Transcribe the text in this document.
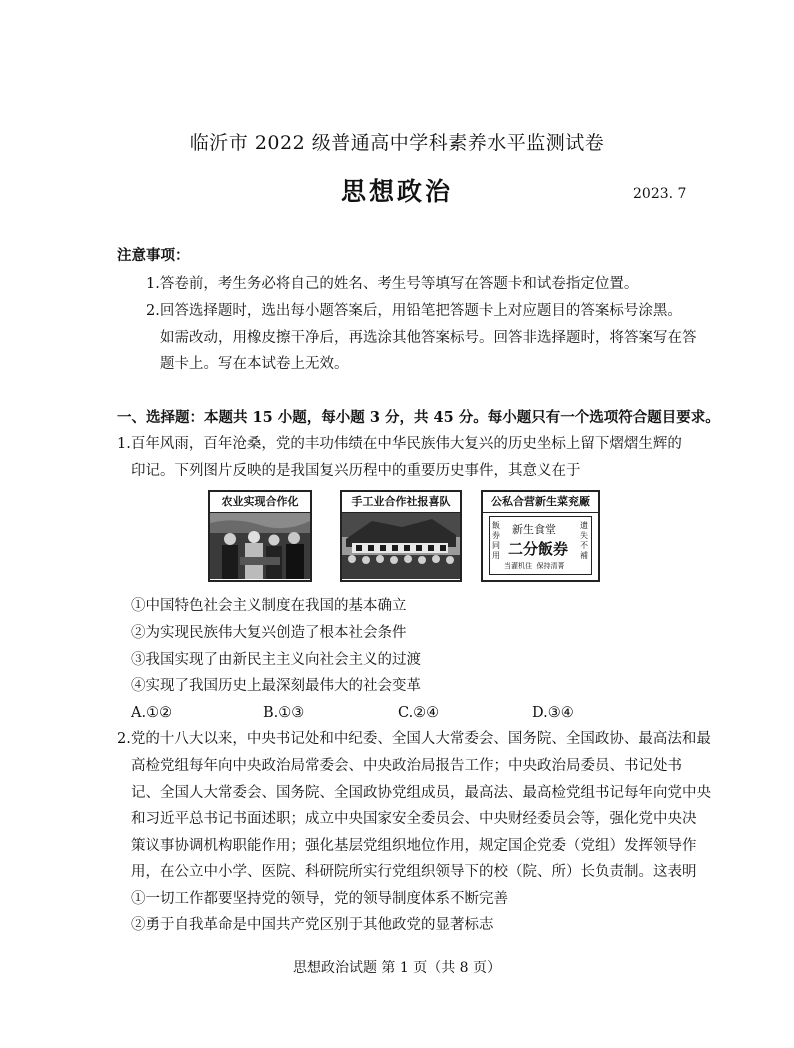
临沂市 2022 级普通高中学科素养水平监测试卷
思想政治	2023. 7
注意事项：
1.答卷前，考生务必将自己的姓名、考生号等填写在答题卡和试卷指定位置。
2.回答选择题时，选出每小题答案后，用铅笔把答题卡上对应题目的答案标号涂黑。
如需改动，用橡皮擦干净后，再选涂其他答案标号。回答非选择题时，将答案写在答
题卡上。写在本试卷上无效。
一、选择题：本题共 15 小题，每小题 3 分，共 45 分。每小题只有一个选项符合题目要求。
1.百年风雨，百年沧桑，党的丰功伟绩在中华民族伟大复兴的历史坐标上留下熠熠生辉的
印记。下列图片反映的是我国复兴历程中的重要历史事件，其意义在于
农业实现合作化	手工业合作社报喜队	公私合营新生菜兖厰
新生食堂
二分飯券
飯券同用
遗失不補
当灌机住  保持清菁
①中国特色社会主义制度在我国的基本确立
②为实现民族伟大复兴创造了根本社会条件
③我国实现了由新民主主义向社会主义的过渡
④实现了我国历史上最深刻最伟大的社会变革
A.①②	B.①③	C.②④	D.③④
2.党的十八大以来，中央书记处和中纪委、全国人大常委会、国务院、全国政协、最高法和最
高检党组每年向中央政治局常委会、中央政治局报告工作；中央政治局委员、书记处书
记、全国人大常委会、国务院、全国政协党组成员，最高法、最高检党组书记每年向党中央
和习近平总书记书面述职；成立中央国家安全委员会、中央财经委员会等，强化党中央决
策议事协调机构职能作用；强化基层党组织地位作用，规定国企党委（党组）发挥领导作
用，在公立中小学、医院、科研院所实行党组织领导下的校（院、所）长负责制。这表明
①一切工作都要坚持党的领导，党的领导制度体系不断完善
②勇于自我革命是中国共产党区别于其他政党的显著标志
思想政治试题 第 1 页（共 8 页）
